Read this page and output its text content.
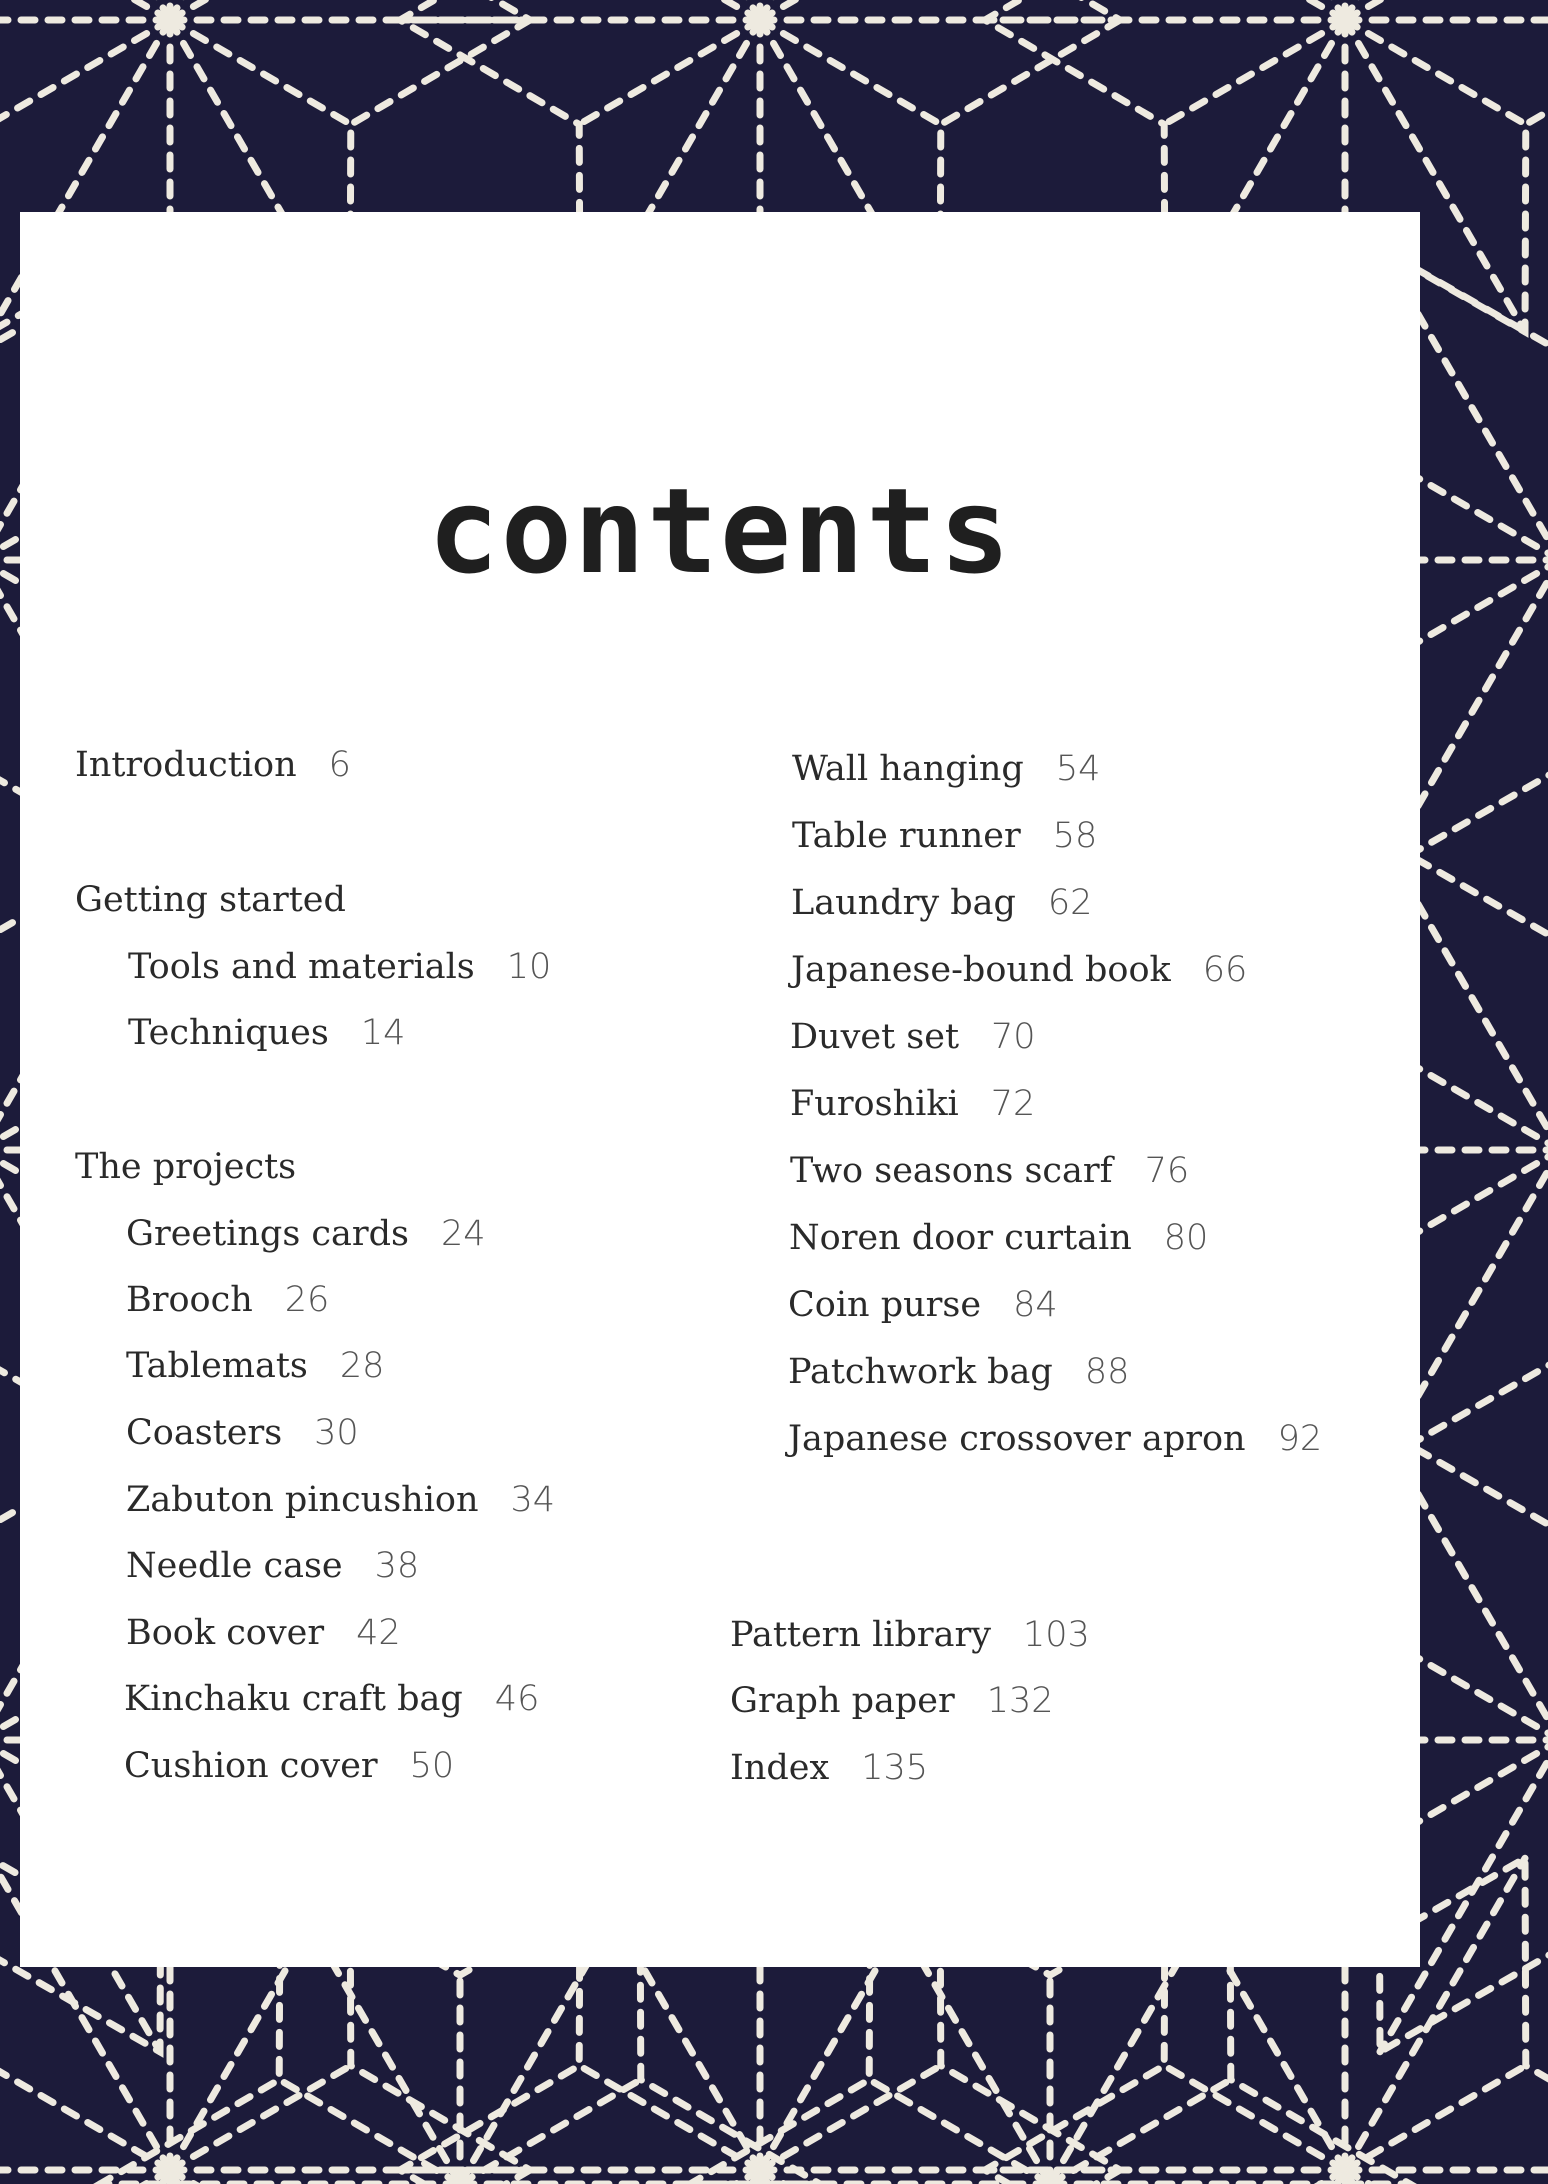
contents
Introduction 6
Getting started
Tools and materials 10
Techniques 14
The projects
Greetings cards 24
Brooch 26
Tablemats 28
Coasters 30
Zabuton pincushion 34
Needle case 38
Book cover 42
Kinchaku craft bag 46
Cushion cover 50
Wall hanging 54
Table runner 58
Laundry bag 62
Japanese-bound book 66
Duvet set 70
Furoshiki 72
Two seasons scarf 76
Noren door curtain 80
Coin purse 84
Patchwork bag 88
Japanese crossover apron 92
Pattern library 103
Graph paper 132
Index 135
